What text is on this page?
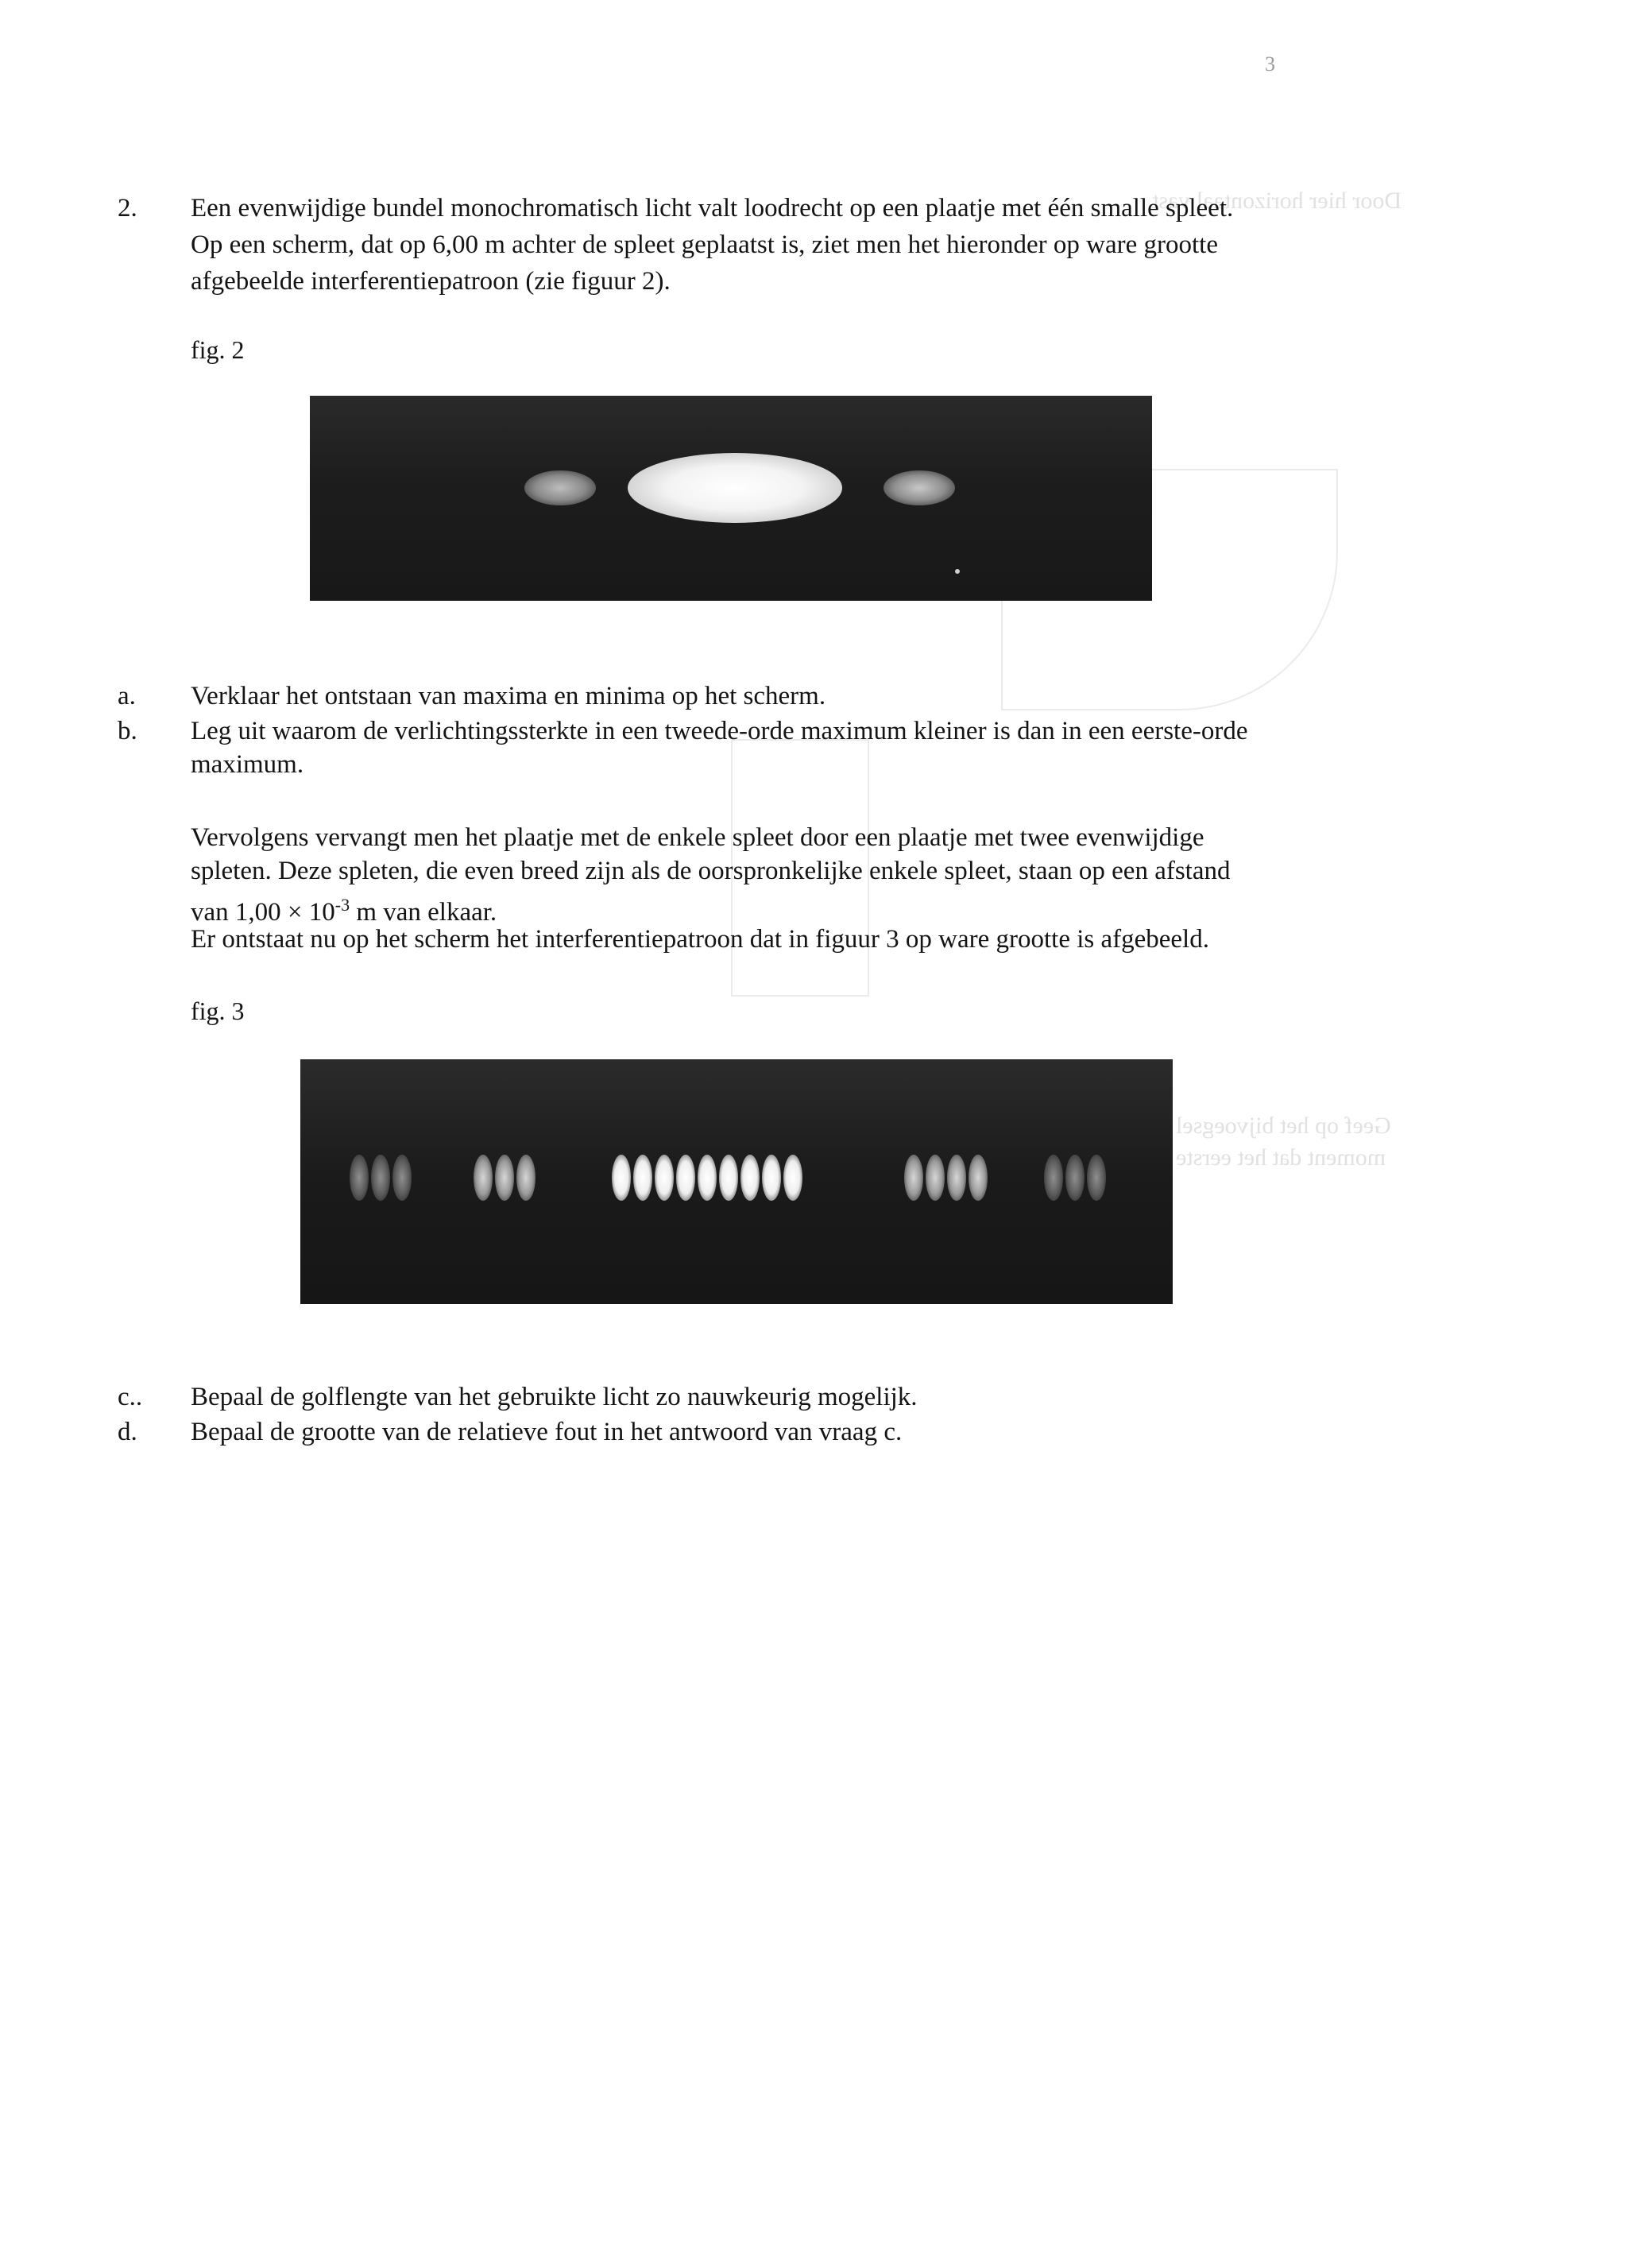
3
Door hier horizontaal vast
Geef op het bijvoegsel
moment dat het eerste
2. Een evenwijdige bundel monochromatisch licht valt loodrecht op een plaatje met één smalle spleet.
Op een scherm, dat op 6,00 m achter de spleet geplaatst is, ziet men het hieronder op ware grootte
afgebeelde interferentiepatroon (zie figuur 2).
fig. 2
a. Verklaar het ontstaan van maxima en minima op het scherm.
b. Leg uit waarom de verlichtingssterkte in een tweede-orde maximum kleiner is dan in een eerste-orde
maximum.
Vervolgens vervangt men het plaatje met de enkele spleet door een plaatje met twee evenwijdige
spleten. Deze spleten, die even breed zijn als de oorspronkelijke enkele spleet, staan op een afstand
van $1,00 \times 10^{-3}$ m van elkaar.
Er ontstaat nu op het scherm het interferentiepatroon dat in figuur 3 op ware grootte is afgebeeld.
fig. 3
c.. Bepaal de golflengte van het gebruikte licht zo nauwkeurig mogelijk.
d. Bepaal de grootte van de relatieve fout in het antwoord van vraag c.
